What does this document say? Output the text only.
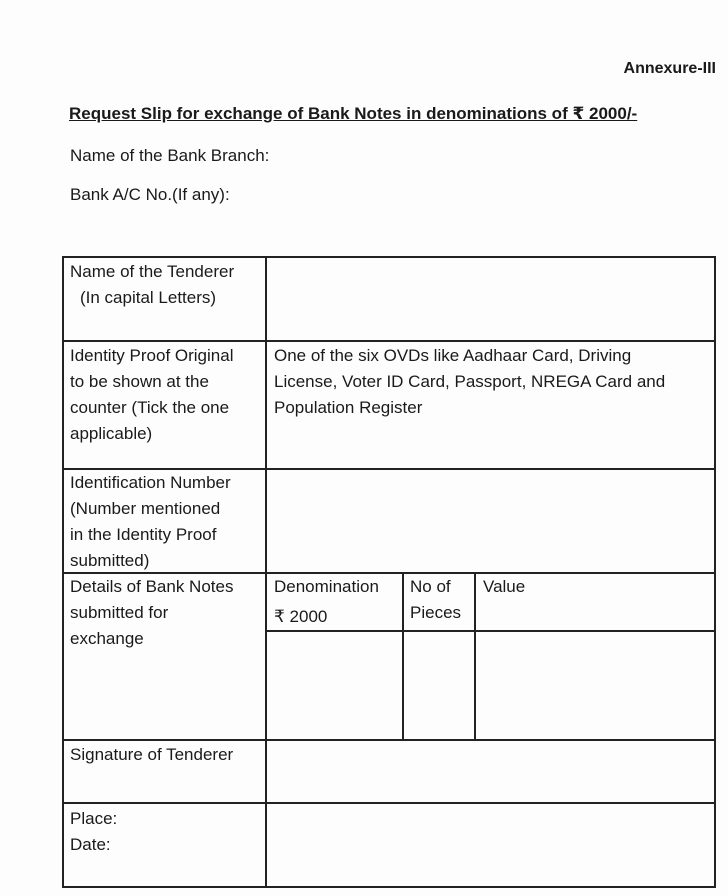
Annexure-III
Request Slip for exchange of Bank Notes in denominations of ₹ 2000/-
Name of the Bank Branch:
Bank A/C No.(If any):
Name of the Tenderer
(In capital Letters)
Identity Proof Original
to be shown at the
counter (Tick the one
applicable)
One of the six OVDs like Aadhaar Card, Driving
License, Voter ID Card, Passport, NREGA Card and
Population Register
Identification Number
(Number mentioned
in the Identity Proof
submitted)
Details of Bank Notes
submitted for
exchange
Denomination
₹ 2000
No of
Pieces
Value
Signature of Tenderer
Place:
Date:
